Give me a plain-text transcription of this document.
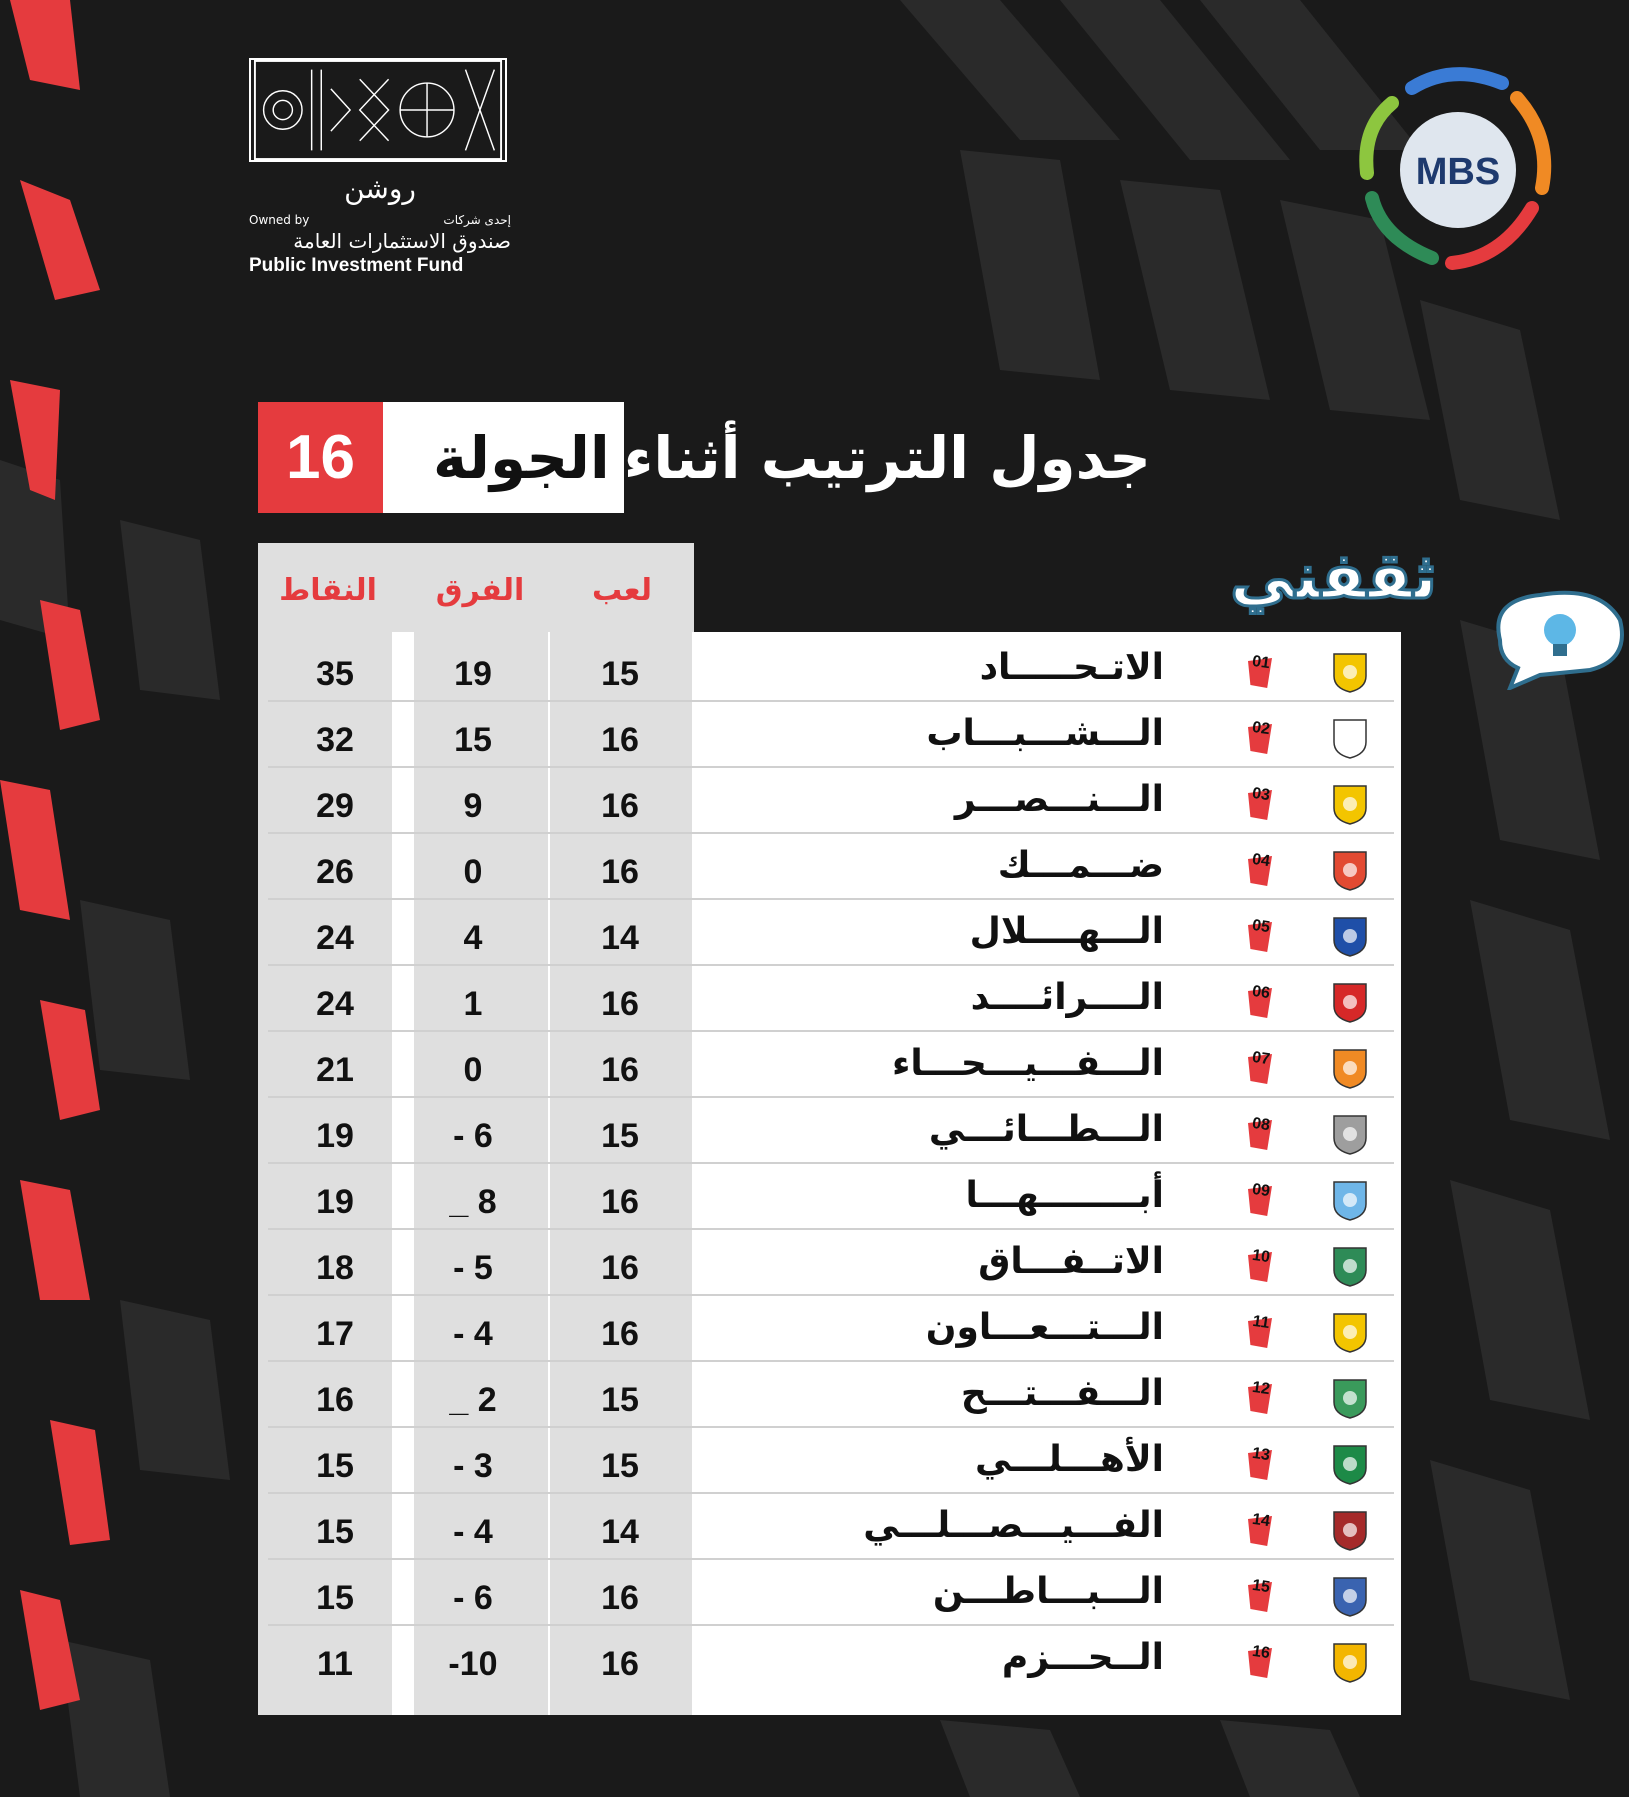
روشن
Owned by	إحدى شركات
صندوق الاستثمارات العامة
Public Investment Fund
MBS
16	الجولة جدول الترتيب أثناء
ثقفني
النقاط	الفرق	لعب
35	19	15	الاتـحـــــاد	01
32	15	16	الـــشـــبـــاب	02
29	9	16	الـــنـــصـــر	03
26	0	16	ضـــمـــك	04
24	4	14	الـــهــــلال	05
24	1	16	الــــرائــــد	06
21	0	16	الـــفـــيـــحـــاء	07
19	- 6	15	الـــطـــائـــي	08
19	_ 8	16	أبــــــــهـــا	09
18	- 5	16	الاتــفـــاق	10
17	- 4	16	الـــتـــعـــاون	11
16	_ 2	15	الـــفـــتـــح	12
15	- 3	15	الأهـــلـــي	13
15	- 4	14	الفـــيـــصـــلـــي	14
15	- 6	16	الـــبـــاطـــن	15
11	-10	16	الــحـــزم	16
